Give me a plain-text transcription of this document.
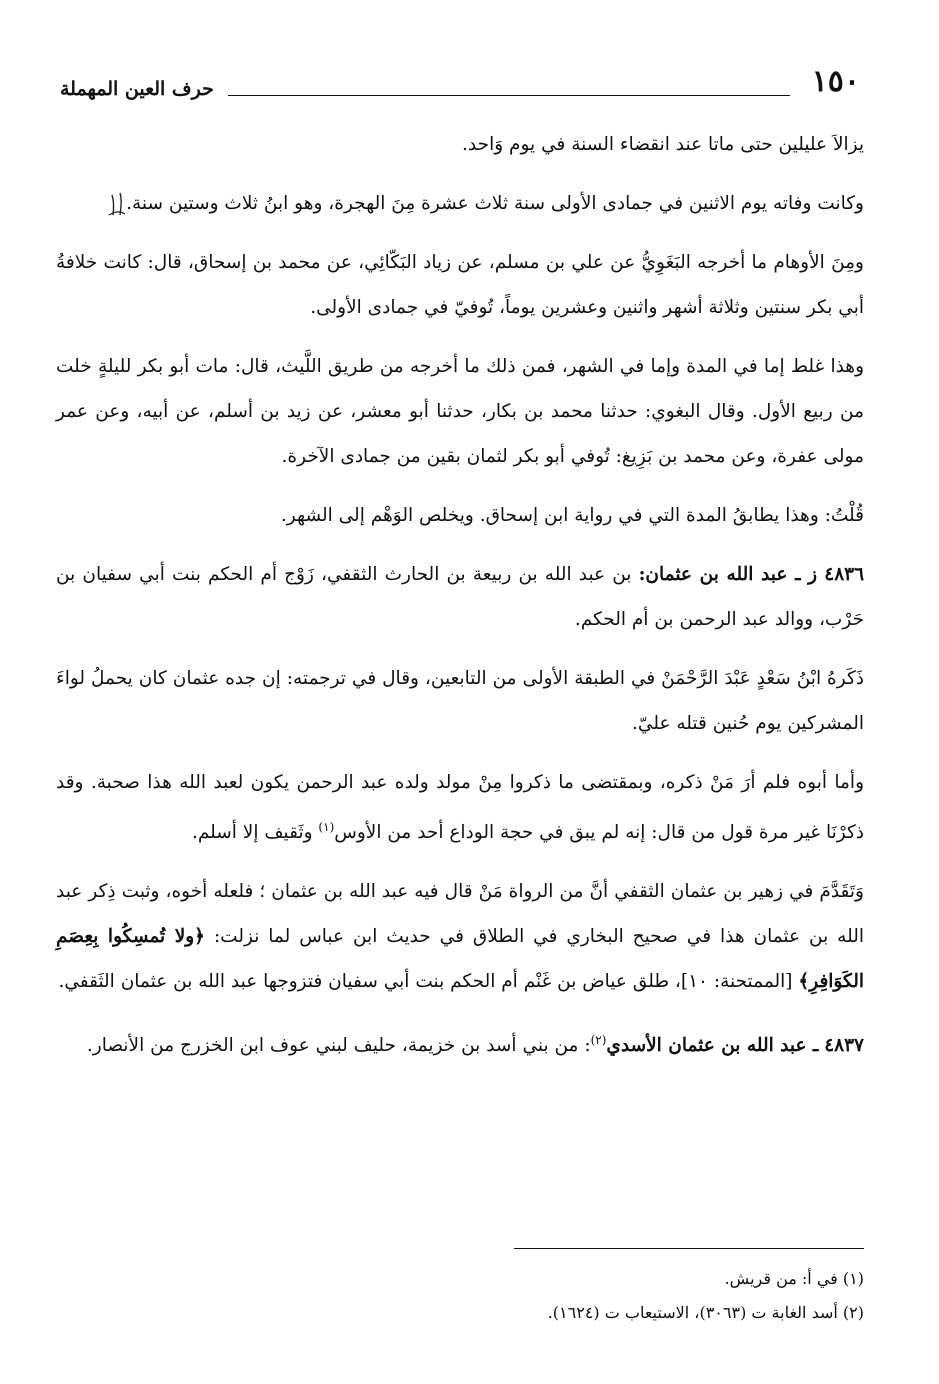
١٥٠
حرف العين المهملة

يزالاَ عليلين حتى ماتا عند انقضاء السنة في يوم وَاحد.

وكانت وفاته يوم الاثنين في جمادى الأولى سنة ثلاث عشرة مِنَ الهجرة، وهو ابنُ ثلاث وستين سنة.

ومِنَ الأوهام ما أخرجه البَغَوِيُّ عن علي بن مسلم، عن زياد البَكّائِي، عن محمد بن إسحاق، قال: كانت خلافةُ أبي بكر سنتين وثلاثة أشهر واثنين وعشرين يوماً، تُوفيّ في جمادى الأولى.

وهذا غلط إما في المدة وإما في الشهر، فمن ذلك ما أخرجه من طريق اللَّيث، قال: مات أبو بكر لليلةٍ خلت من ربيع الأول. وقال البغوي: حدثنا محمد بن بكار، حدثنا أبو معشر، عن زيد بن أسلم، عن أبيه، وعن عمر مولى عفرة، وعن محمد بن بَزِيغ: تُوفي أبو بكر لثمان بقين من جمادى الآخرة.

قُلْتُ: وهذا يطابقُ المدة التي في رواية ابن إسحاق. ويخلص الوَهْم إلى الشهر.

٤٨٣٦ ز ـ عبد الله بن عثمان: بن عبد الله بن ربيعة بن الحارث الثقفي، زَوْج أم الحكم بنت أبي سفيان بن حَرْب، ووالد عبد الرحمن بن أم الحكم.

ذَكَرهُ ابْنُ سَعْدٍ عَبْدَ الرَّحْمَنْ في الطبقة الأولى من التابعين، وقال في ترجمته: إن جده عثمان كان يحملُ لواءَ المشركين يوم حُنين قتله عليّ.

وأما أبوه فلم أرَ مَنْ ذكره، وبمقتضى ما ذكروا مِنْ مولد ولده عبد الرحمن يكون لعبد الله هذا صحبة. وقد ذكرْنَا غير مرة قول من قال: إنه لم يبق في حجة الوداع أحد من الأوس$^{(١)}$ وثَقيف إلا أسلم.

وَتَقَدَّمَ في زهير بن عثمان الثقفي أنَّ من الرواة مَنْ قال فيه عبد الله بن عثمان ؛ فلعله أخوه، وثبت ذِكر عبد الله بن عثمان هذا في صحيح البخاري في الطلاق في حديث ابن عباس لما نزلت: ﴿ولا تُمسِكُوا بِعِصَمِ الكَوَافِرِ﴾ [الممتحنة: ١٠]، طلق عياض بن غَنْم أم الحكم بنت أبي سفيان فتزوجها عبد الله بن عثمان الثَقفي.

٤٨٣٧ ـ عبد الله بن عثمان الأسدي$^{(٢)}$: من بني أسد بن خزيمة، حليف لبني عوف ابن الخزرج من الأنصار.

(١) في أ: من قريش.

(٢) أسد الغابة ت (٣٠٦٣)، الاستيعاب ت (١٦٢٤).
